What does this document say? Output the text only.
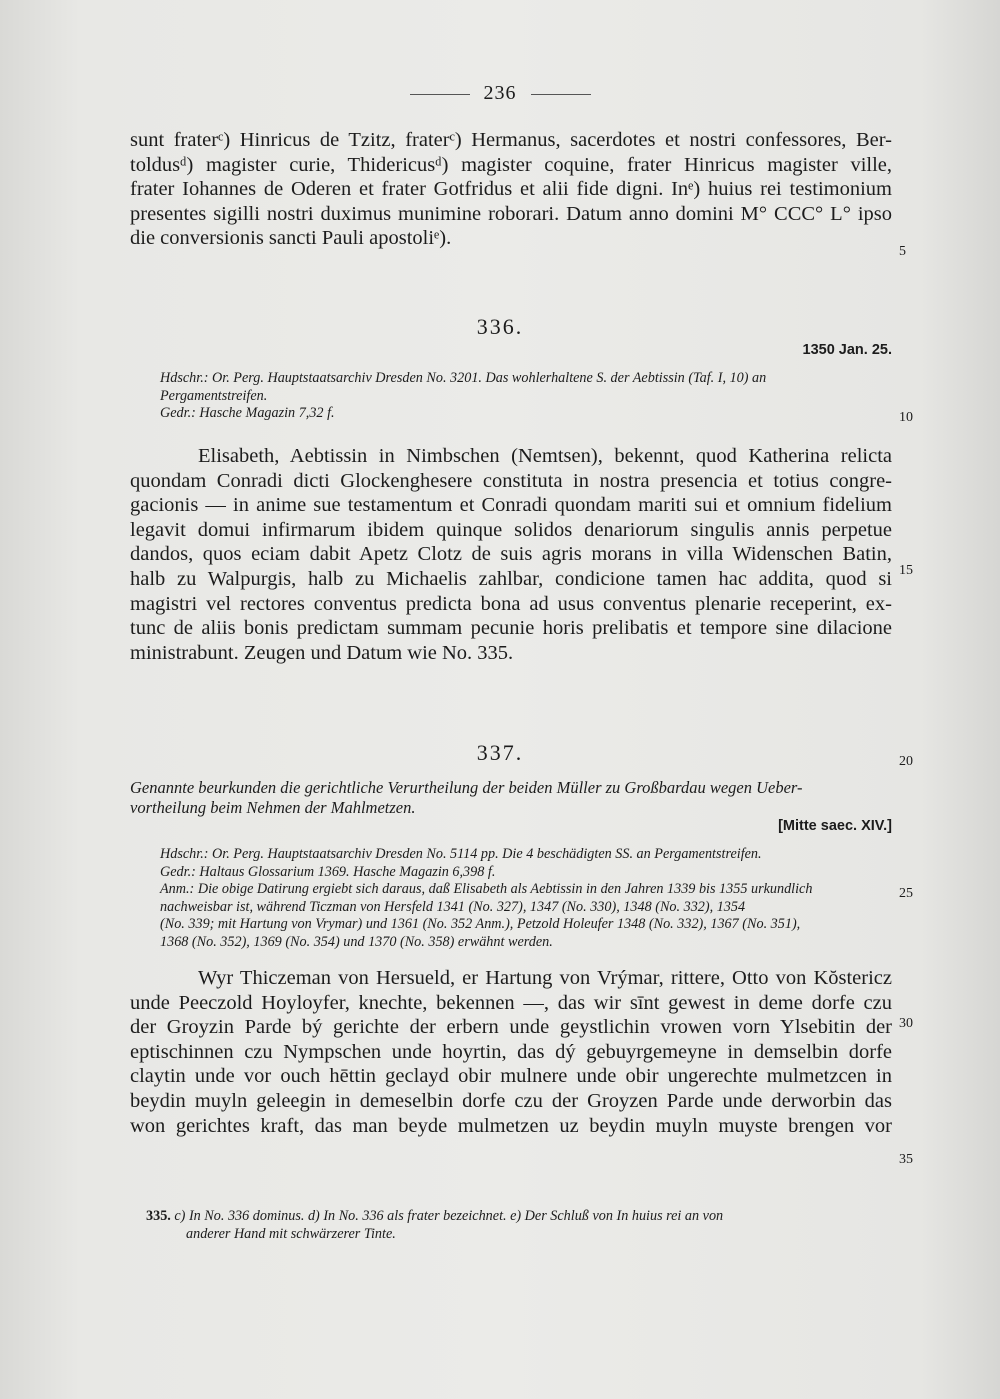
236

sunt fraterᶜ) Hinricus de Tzitz, fraterᶜ) Hermanus, sacerdotes et nostri confessores, Ber-
toldusᵈ) magister curie, Thidericusᵈ) magister coquine, frater Hinricus magister ville,
frater Iohannes de Oderen et frater Gotfridus et alii fide digni. Inᵉ) huius rei testimonium
presentes sigilli nostri duximus munimine roborari. Datum anno domini M° CCC° L° ipso
die conversionis sancti Pauli apostoliᵉ).

336.
1350 Jan. 25.

Hdschr.: Or. Perg. Hauptstaatsarchiv Dresden No. 3201. Das wohlerhaltene S. der Aebtissin (Taf. I, 10) an
Pergamentstreifen.
Gedr.: Hasche Magazin 7,32 f.

Elisabeth, Aebtissin in Nimbschen (Nemtsen), bekennt, quod Katherina relicta
quondam Conradi dicti Glockenghesere constituta in nostra presencia et totius congre-
gacionis — in anime sue testamentum et Conradi quondam mariti sui et omnium fidelium
legavit domui infirmarum ibidem quinque solidos denariorum singulis annis perpetue
dandos, quos eciam dabit Apetz Clotz de suis agris morans in villa Widenschen Batin,
halb zu Walpurgis, halb zu Michaelis zahlbar, condicione tamen hac addita, quod si
magistri vel rectores conventus predicta bona ad usus conventus plenarie receperint, ex-
tunc de aliis bonis predictam summam pecunie horis prelibatis et tempore sine dilacione
ministrabunt. Zeugen und Datum wie No. 335.

337.

Genannte beurkunden die gerichtliche Verurtheilung der beiden Müller zu Großbardau wegen Ueber-
vortheilung beim Nehmen der Mahlmetzen.

[Mitte saec. XIV.]

Hdschr.: Or. Perg. Hauptstaatsarchiv Dresden No. 5114 pp. Die 4 beschädigten SS. an Pergamentstreifen.
Gedr.: Haltaus Glossarium 1369. Hasche Magazin 6,398 f.
Anm.: Die obige Datirung ergiebt sich daraus, daß Elisabeth als Aebtissin in den Jahren 1339 bis 1355 urkundlich
nachweisbar ist, während Ticzman von Hersfeld 1341 (No. 327), 1347 (No. 330), 1348 (No. 332), 1354
(No. 339; mit Hartung von Vrymar) und 1361 (No. 352 Anm.), Petzold Holeufer 1348 (No. 332), 1367 (No. 351),
1368 (No. 352), 1369 (No. 354) und 1370 (No. 358) erwähnt werden.

Wyr Thiczeman von Hersueld, er Hartung von Vrýmar, rittere, Otto von Kŏstericz
unde Peeczold Hoyloyfer, knechte, bekennen —, das wir sīnt gewest in deme dorfe czu
der Groyzin Parde bý gerichte der erbern unde geystlichin vrowen vorn Ylsebitin der
eptischinnen czu Nympschen unde hoyrtin, das dý gebuyrgemeyne in demselbin dorfe
claytin unde vor ouch hēttin geclayd obir mulnere unde obir ungerechte mulmetzcen in
beydin muyln geleegin in demeselbin dorfe czu der Groyzen Parde unde derworbin das
won gerichtes kraft, das man beyde mulmetzen uz beydin muyln muyste brengen vor

5
10
15
20
25
30
35
335. c) In No. 336 dominus. d) In No. 336 als frater bezeichnet. e) Der Schluß von In huius rei an von
anderer Hand mit schwärzerer Tinte.
